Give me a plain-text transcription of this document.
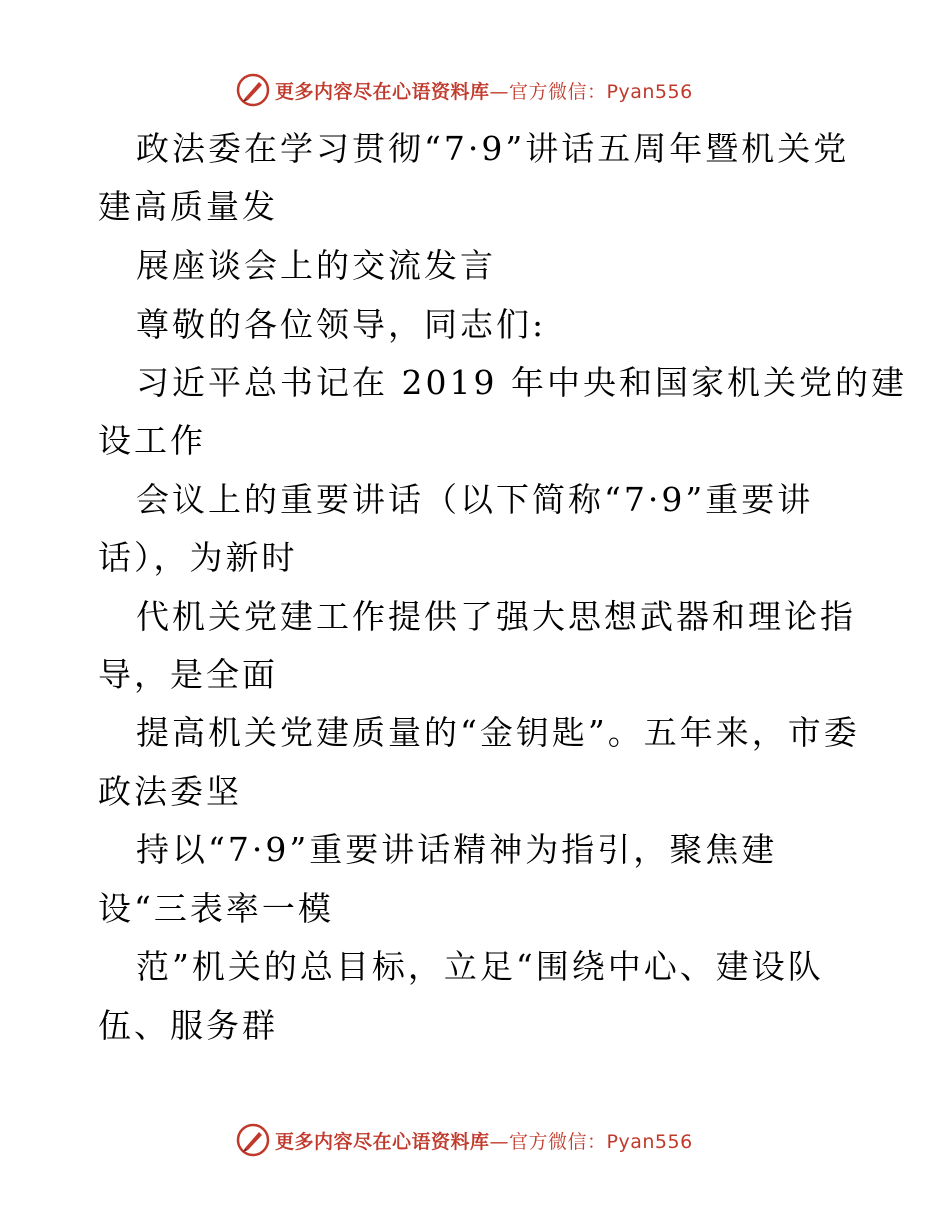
更多内容尽在心语资料库—官方微信：Pyan556
政法委在学习贯彻“7·9”讲话五周年暨机关党
建高质量发
展座谈会上的交流发言
尊敬的各位领导，同志们:
习近平总书记在 2019 年中央和国家机关党的建
设工作
会议上的重要讲话（以下简称“7·9”重要讲
话），为新时
代机关党建工作提供了强大思想武器和理论指
导，是全面
提高机关党建质量的“金钥匙”。五年来，市委
政法委坚
持以“7·9”重要讲话精神为指引，聚焦建
设“三表率一模
范”机关的总目标，立足“围绕中心、建设队
伍、服务群
更多内容尽在心语资料库—官方微信：Pyan556
